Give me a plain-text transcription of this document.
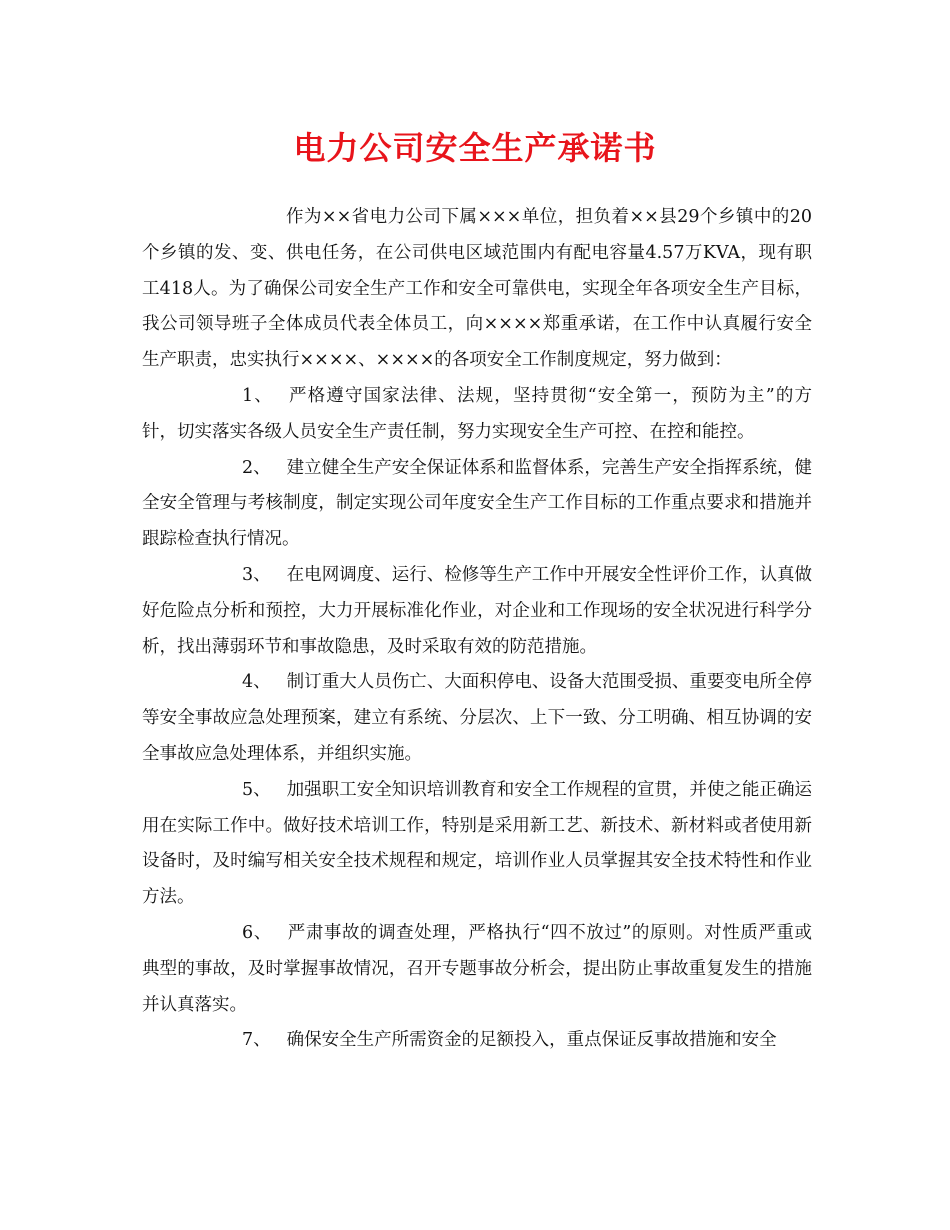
电力公司安全生产承诺书

作为××省电力公司下属×××单位，担负着××县29个乡镇中的20个乡镇的发、变、供电任务，在公司供电区域范围内有配电容量4.57万KVA，现有职工418人。为了确保公司安全生产工作和安全可靠供电，实现全年各项安全生产目标，我公司领导班子全体成员代表全体员工，向××××郑重承诺，在工作中认真履行安全生产职责，忠实执行××××、××××的各项安全工作制度规定，努力做到：

1、 严格遵守国家法律、法规，坚持贯彻“安全第一，预防为主”的方针，切实落实各级人员安全生产责任制，努力实现安全生产可控、在控和能控。

2、 建立健全生产安全保证体系和监督体系，完善生产安全指挥系统，健全安全管理与考核制度，制定实现公司年度安全生产工作目标的工作重点要求和措施并跟踪检查执行情况。

3、 在电网调度、运行、检修等生产工作中开展安全性评价工作，认真做好危险点分析和预控，大力开展标准化作业，对企业和工作现场的安全状况进行科学分析，找出薄弱环节和事故隐患，及时采取有效的防范措施。

4、 制订重大人员伤亡、大面积停电、设备大范围受损、重要变电所全停等安全事故应急处理预案，建立有系统、分层次、上下一致、分工明确、相互协调的安全事故应急处理体系，并组织实施。

5、 加强职工安全知识培训教育和安全工作规程的宣贯，并使之能正确运用在实际工作中。做好技术培训工作，特别是采用新工艺、新技术、新材料或者使用新设备时，及时编写相关安全技术规程和规定，培训作业人员掌握其安全技术特性和作业方法。

6、 严肃事故的调查处理，严格执行“四不放过”的原则。对性质严重或典型的事故，及时掌握事故情况，召开专题事故分析会，提出防止事故重复发生的措施并认真落实。

7、 确保安全生产所需资金的足额投入，重点保证反事故措施和安全
